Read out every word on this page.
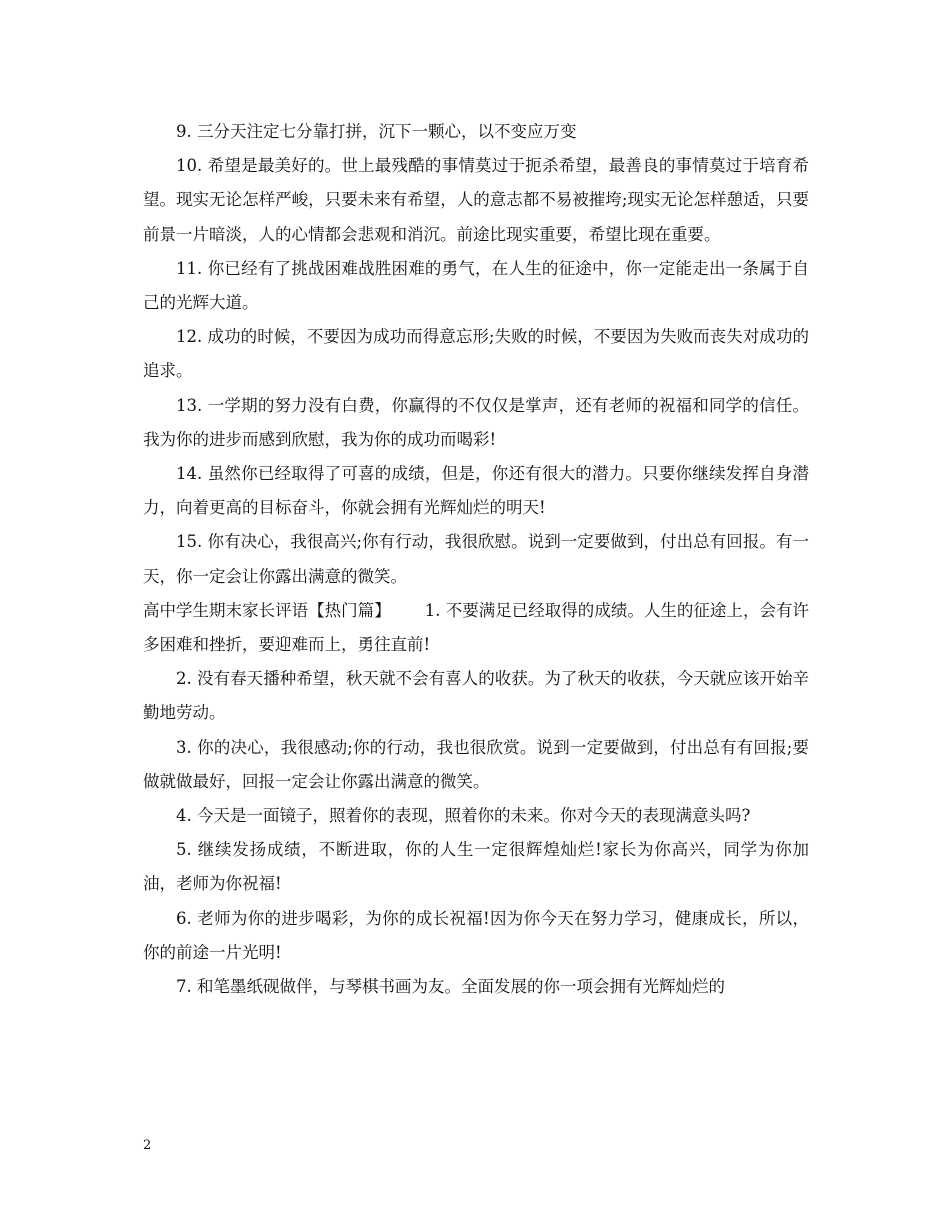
9. 三分天注定七分靠打拼，沉下一颗心，以不变应万变

10. 希望是最美好的。世上最残酷的事情莫过于扼杀希望，最善良的事情莫过于培育希望。现实无论怎样严峻，只要未来有希望，人的意志都不易被摧垮;现实无论怎样憩适，只要前景一片暗淡，人的心情都会悲观和消沉。前途比现实重要，希望比现在重要。

11. 你已经有了挑战困难战胜困难的勇气，在人生的征途中，你一定能走出一条属于自己的光辉大道。

12. 成功的时候，不要因为成功而得意忘形;失败的时候，不要因为失败而丧失对成功的追求。

13. 一学期的努力没有白费，你赢得的不仅仅是掌声，还有老师的祝福和同学的信任。我为你的进步而感到欣慰，我为你的成功而喝彩!

14. 虽然你已经取得了可喜的成绩，但是，你还有很大的潜力。只要你继续发挥自身潜力，向着更高的目标奋斗，你就会拥有光辉灿烂的明天!

15. 你有决心，我很高兴;你有行动，我很欣慰。说到一定要做到，付出总有回报。有一天，你一定会让你露出满意的微笑。

高中学生期末家长评语【热门篇】 1. 不要满足已经取得的成绩。人生的征途上，会有许多困难和挫折，要迎难而上，勇往直前!

2. 没有春天播种希望，秋天就不会有喜人的收获。为了秋天的收获，今天就应该开始辛勤地劳动。

3. 你的决心，我很感动;你的行动，我也很欣赏。说到一定要做到，付出总有有回报;要做就做最好，回报一定会让你露出满意的微笑。

4. 今天是一面镜子，照着你的表现，照着你的未来。你对今天的表现满意头吗?

5. 继续发扬成绩，不断进取，你的人生一定很辉煌灿烂!家长为你高兴，同学为你加油，老师为你祝福!

6. 老师为你的进步喝彩，为你的成长祝福!因为你今天在努力学习，健康成长，所以，你的前途一片光明!

7. 和笔墨纸砚做伴，与琴棋书画为友。全面发展的你一项会拥有光辉灿烂的

2
